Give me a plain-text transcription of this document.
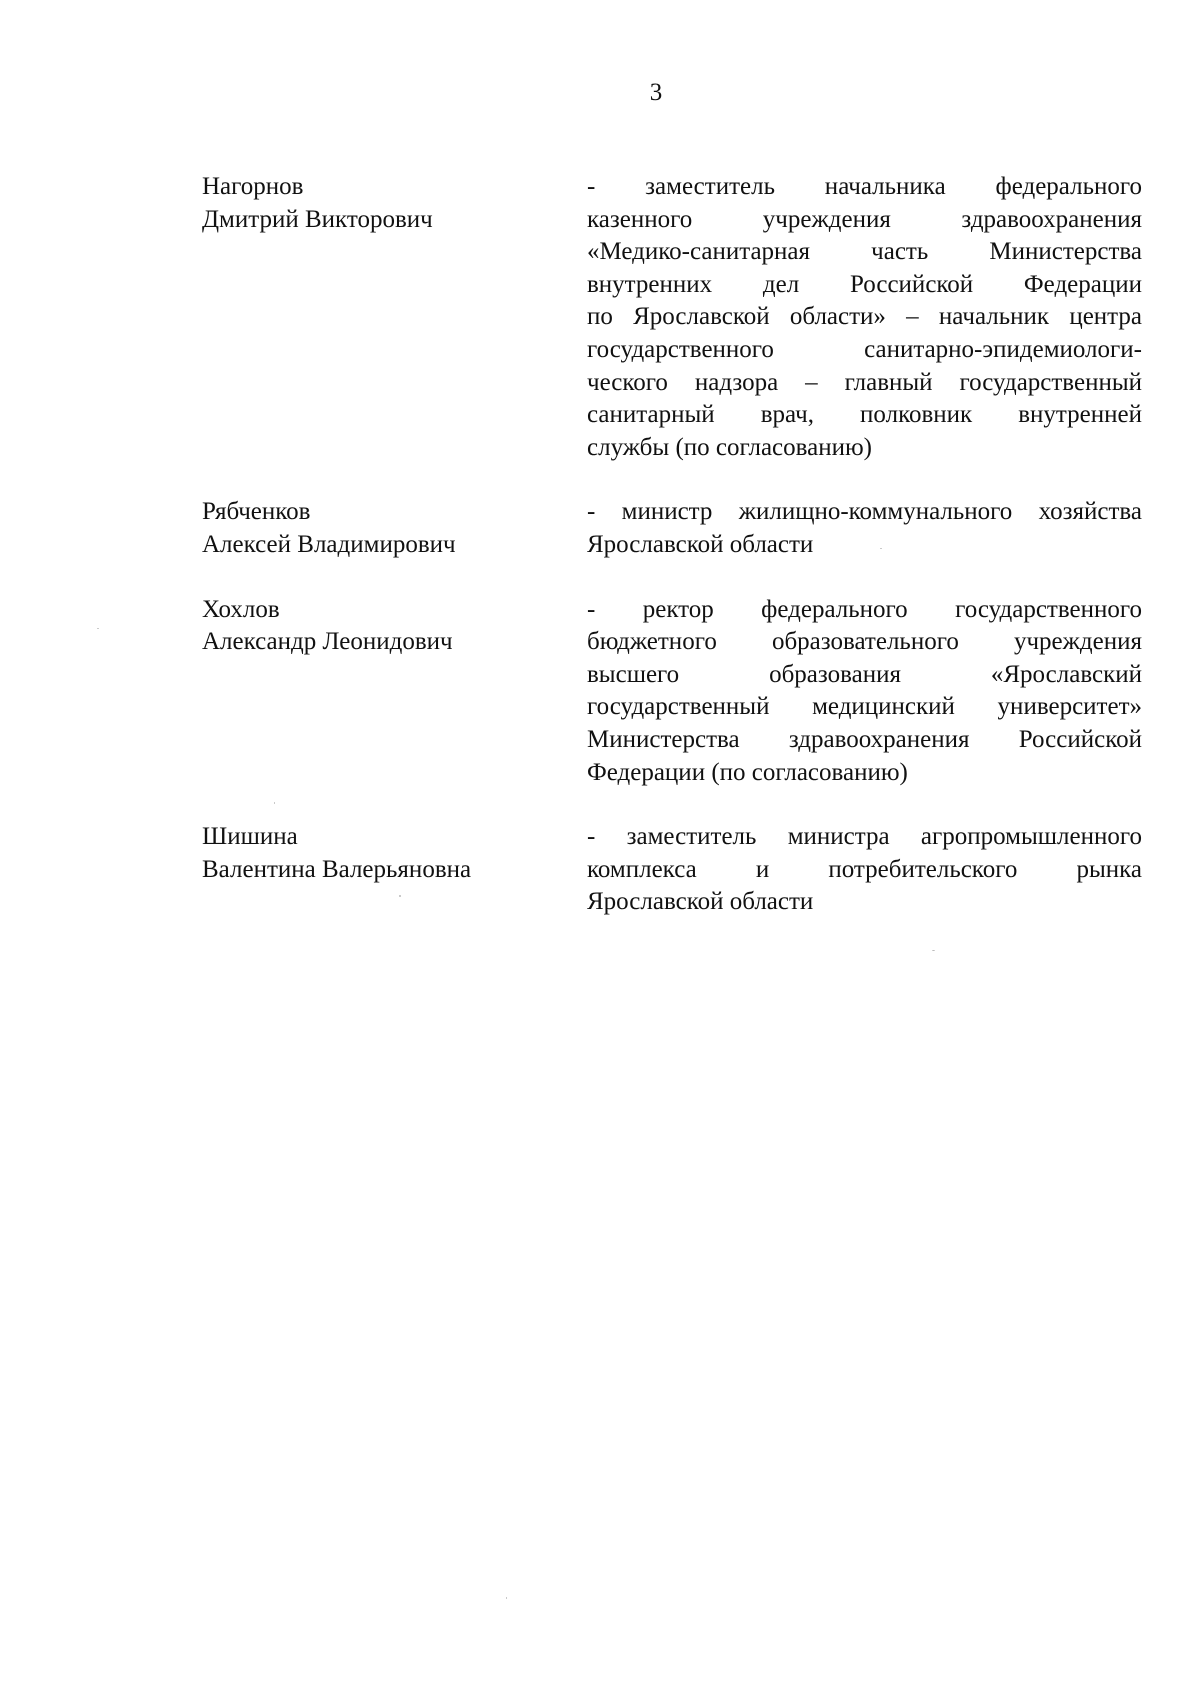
3
Нагорнов
Дмитрий Викторович
- заместитель начальника федерального
казенного учреждения здравоохранения
«Медико-санитарная часть Министерства
внутренних дел Российской Федерации
по Ярославской области» – начальник центра
государственного санитарно-эпидемиологи-
ческого надзора – главный государственный
санитарный врач, полковник внутренней
службы (по согласованию)
Рябченков
Алексей Владимирович
- министр жилищно-коммунального хозяйства
Ярославской области
Хохлов
Александр Леонидович
- ректор федерального государственного
бюджетного образовательного учреждения
высшего образования «Ярославский
государственный медицинский университет»
Министерства здравоохранения Российской
Федерации (по согласованию)
Шишина
Валентина Валерьяновна
- заместитель министра агропромышленного
комплекса и потребительского рынка
Ярославской области
